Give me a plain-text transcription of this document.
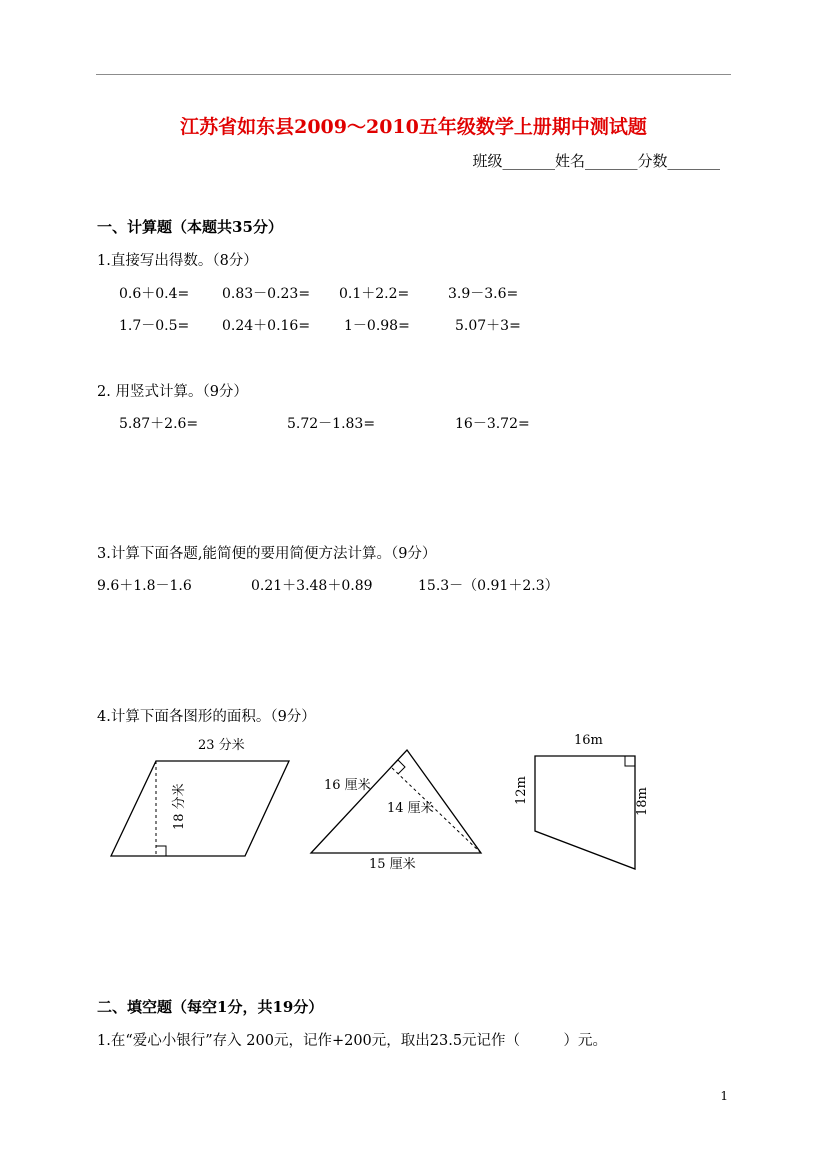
江苏省如东县2009～2010五年级数学上册期中测试题
班级_______姓名_______分数_______
一、计算题（本题共35分）
1.直接写出得数。（8分）
0.6＋0.4= 0.83－0.23= 0.1＋2.2=	3.9－3.6=
1.7－0.5= 0.24＋0.16= 1－0.98=	5.07＋3=
2. 用竖式计算。（9分）
5.87＋2.6=	5.72－1.83=	16－3.72=
3.计算下面各题,能简便的要用简便方法计算。（9分）
9.6＋1.8－1.6	0.21＋3.48＋0.89	15.3－（0.91＋2.3）
4.计算下面各图形的面积。（9分）
23 分米
18 分米	16 厘米
14 厘米
15 厘米
16m
12m	18m
二、填空题（每空1分，共19分）
1.在“爱心小银行”存入 200元，记作+200元，取出23.5元记作（　　　）元。
1
